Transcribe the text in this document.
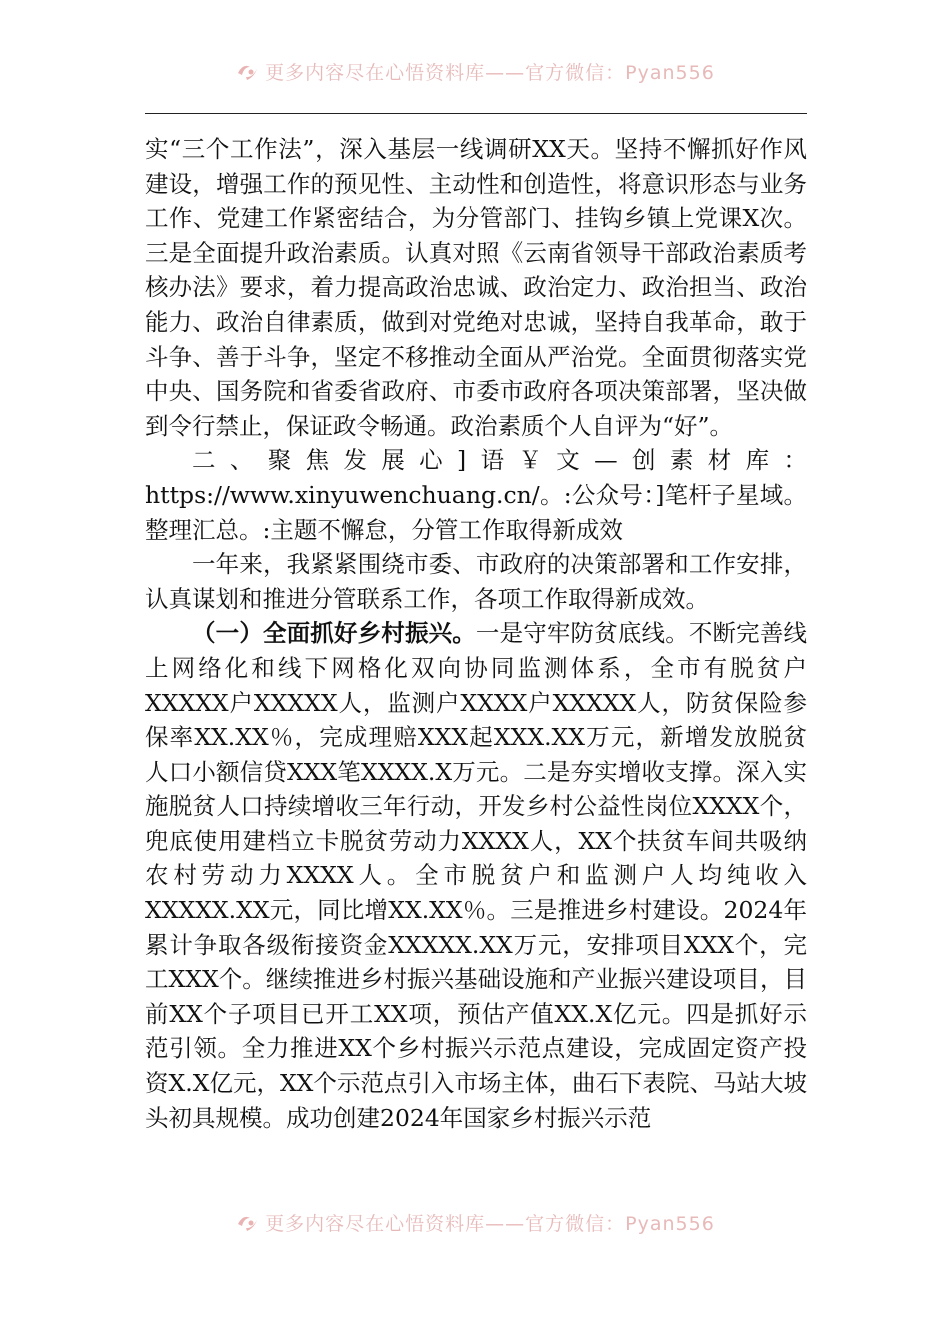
更多内容尽在心悟资料库——官方微信：Pyan556

实“三个工作法”，深入基层一线调研XX天。坚持不懈抓好作风建设，增强工作的预见性、主动性和创造性，将意识形态与业务工作、党建工作紧密结合，为分管部门、挂钩乡镇上党课X次。三是全面提升政治素质。认真对照《云南省领导干部政治素质考核办法》要求，着力提高政治忠诚、政治定力、政治担当、政治能力、政治自律素质，做到对党绝对忠诚，坚持自我革命，敢于斗争、善于斗争，坚定不移推动全面从严治党。全面贯彻落实党中央、国务院和省委省政府、市委市政府各项决策部署，坚决做到令行禁止，保证政令畅通。政治素质个人自评为“好”。

二、聚焦发展心]语￥文—创素材库：https://www.xinyuwenchuang.cn/。:公众号：]笔杆子星域。整理汇总。:主题不懈怠，分管工作取得新成效

一年来，我紧紧围绕市委、市政府的决策部署和工作安排，认真谋划和推进分管联系工作，各项工作取得新成效。

（一）全面抓好乡村振兴。一是守牢防贫底线。不断完善线上网络化和线下网格化双向协同监测体系，全市有脱贫户XXXXX户XXXXX人，监测户XXXX户XXXXX人，防贫保险参保率XX.XX％，完成理赔XXX起XXX.XX万元，新增发放脱贫人口小额信贷XXX笔XXXX.X万元。二是夯实增收支撑。深入实施脱贫人口持续增收三年行动，开发乡村公益性岗位XXXX个，兜底使用建档立卡脱贫劳动力XXXX人，XX个扶贫车间共吸纳农村劳动力XXXX人。全市脱贫户和监测户人均纯收入XXXXX.XX元，同比增XX.XX％。三是推进乡村建设。2024年累计争取各级衔接资金XXXXX.XX万元，安排项目XXX个，完工XXX个。继续推进乡村振兴基础设施和产业振兴建设项目，目前XX个子项目已开工XX项，预估产值XX.X亿元。四是抓好示范引领。全力推进XX个乡村振兴示范点建设，完成固定资产投资X.X亿元，XX个示范点引入市场主体，曲石下表院、马站大坡头初具规模。成功创建2024年国家乡村振兴示范

更多内容尽在心悟资料库——官方微信：Pyan556
